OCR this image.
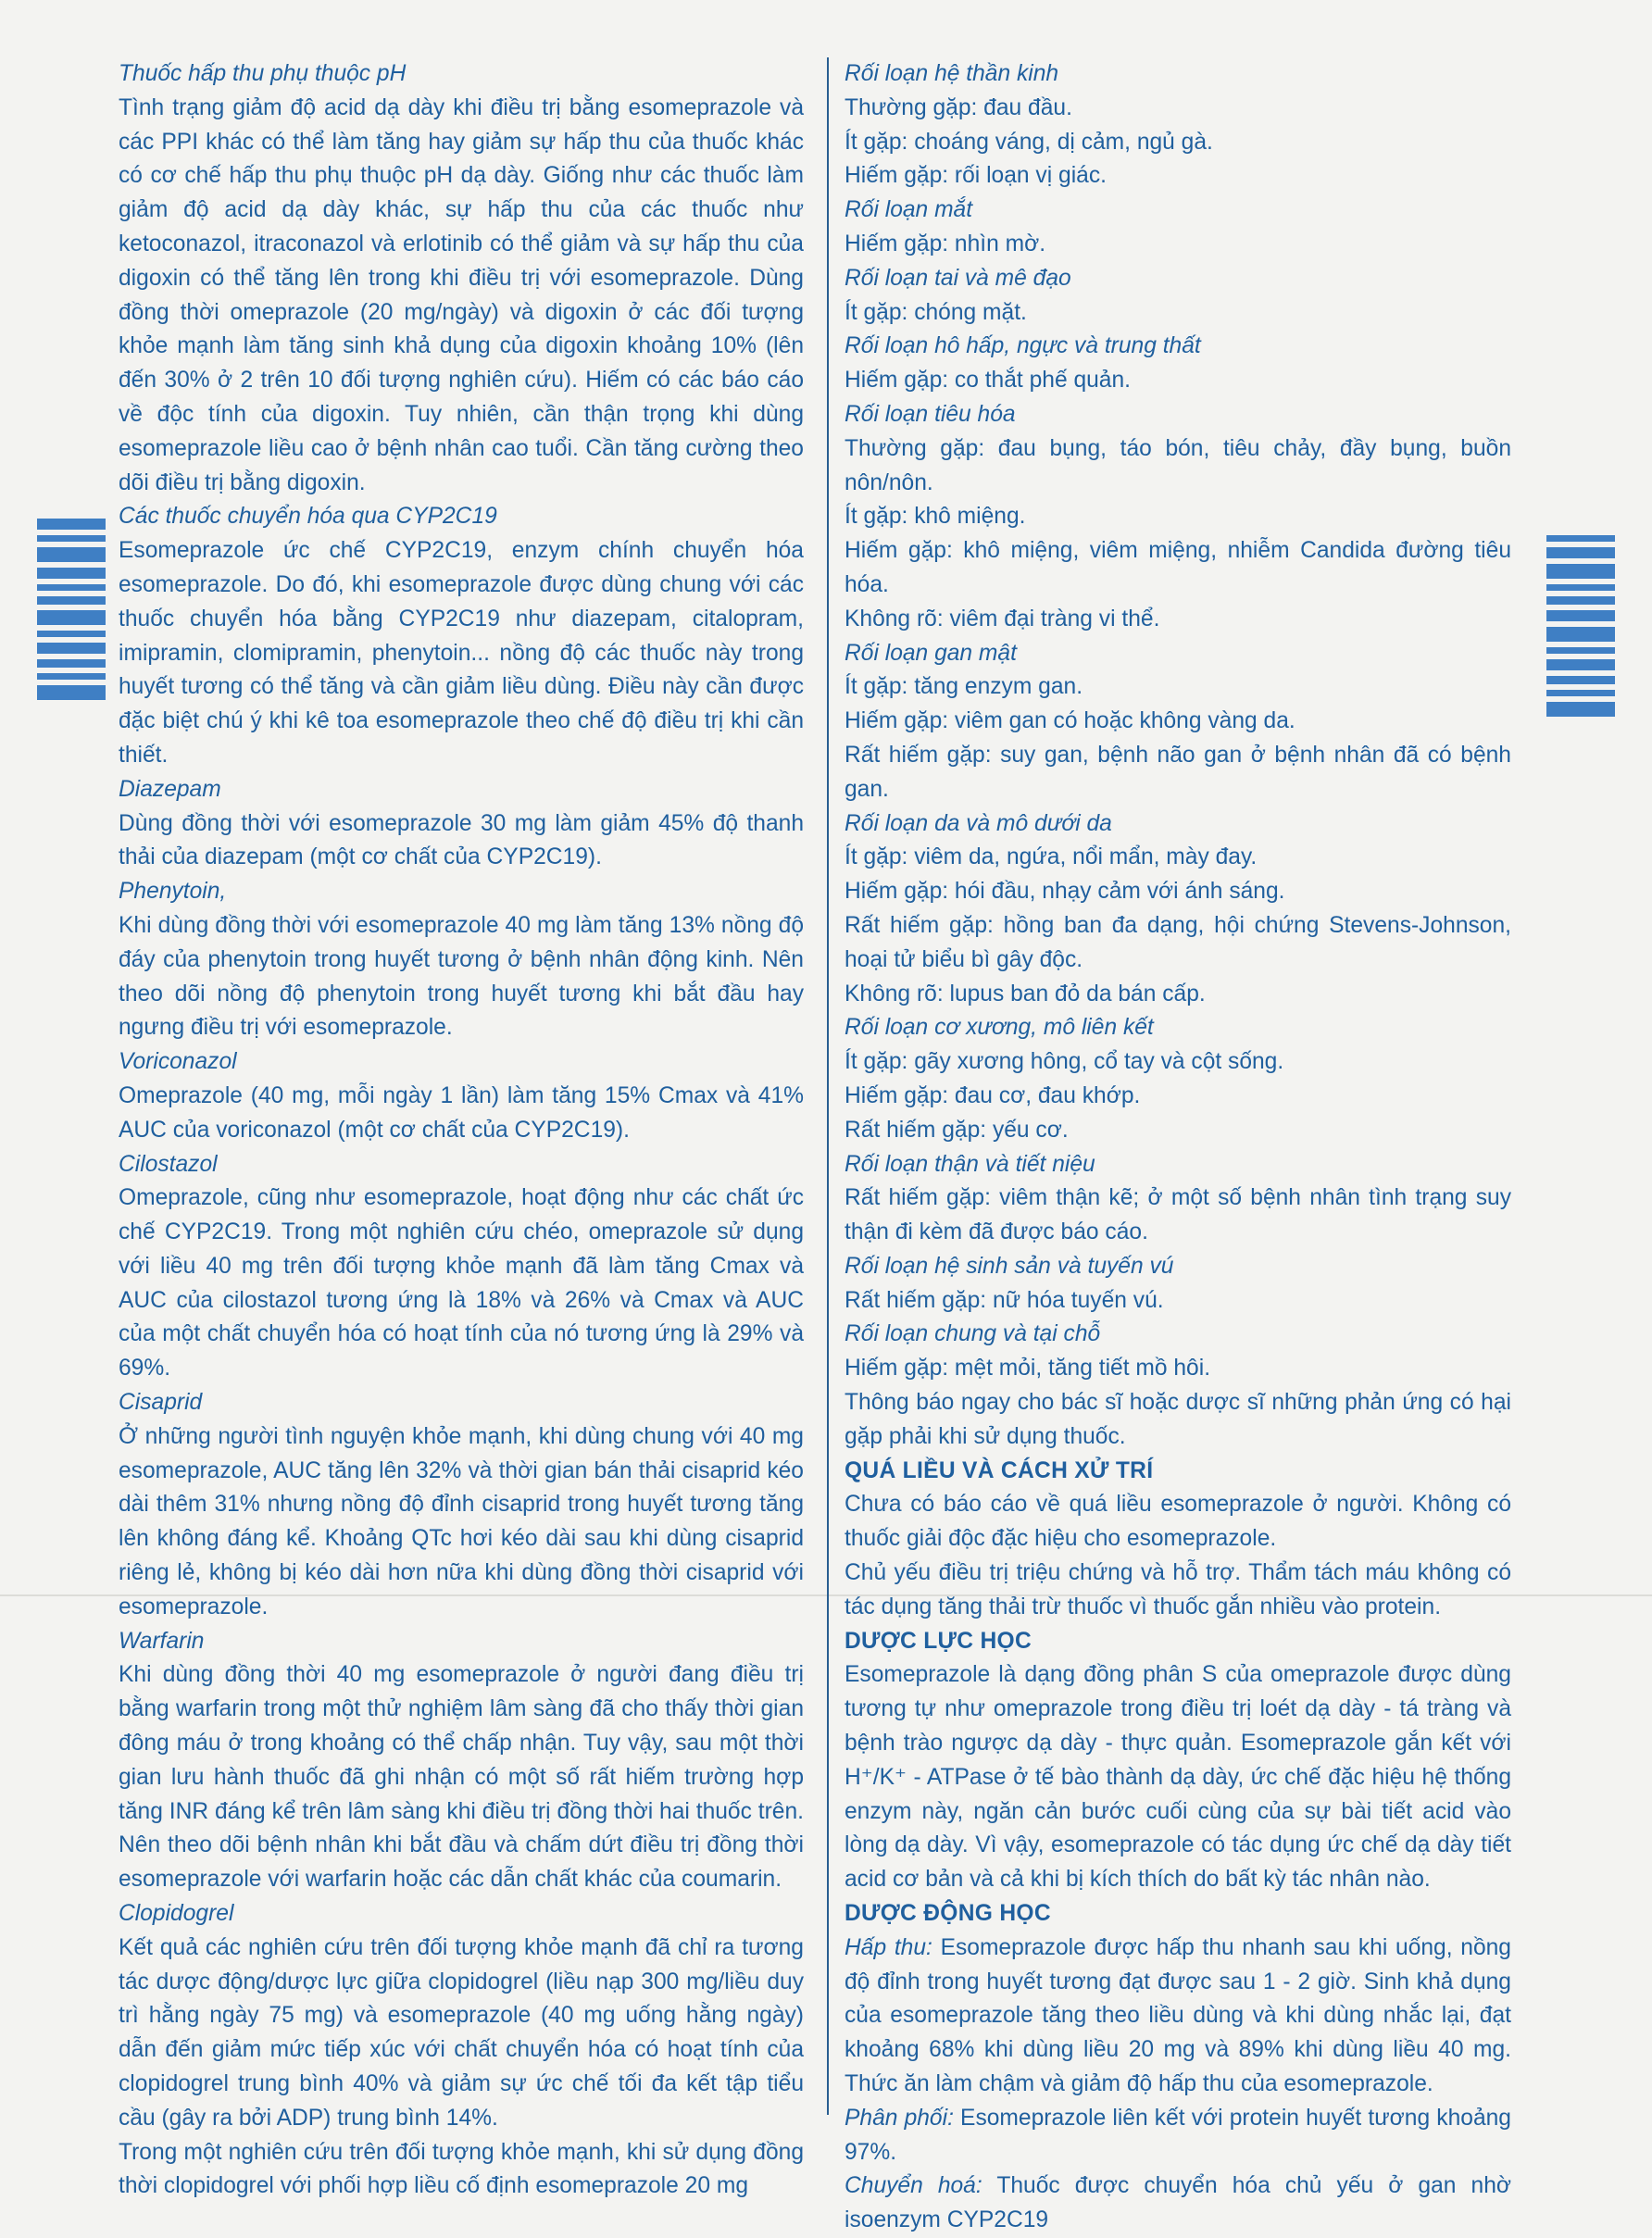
Thuốc hấp thu phụ thuộc pH

Tình trạng giảm độ acid dạ dày khi điều trị bằng esomeprazole và các PPI khác có thể làm tăng hay giảm sự hấp thu của thuốc khác có cơ chế hấp thu phụ thuộc pH dạ dày. Giống như các thuốc làm giảm độ acid dạ dày khác, sự hấp thu của các thuốc như ketoconazol, itraconazol và erlotinib có thể giảm và sự hấp thu của digoxin có thể tăng lên trong khi điều trị với esomeprazole. Dùng đồng thời omeprazole (20 mg/ngày) và digoxin ở các đối tượng khỏe mạnh làm tăng sinh khả dụng của digoxin khoảng 10% (lên đến 30% ở 2 trên 10 đối tượng nghiên cứu). Hiếm có các báo cáo về độc tính của digoxin. Tuy nhiên, cần thận trọng khi dùng esomeprazole liều cao ở bệnh nhân cao tuổi. Cần tăng cường theo dõi điều trị bằng digoxin.

Các thuốc chuyển hóa qua CYP2C19

Esomeprazole ức chế CYP2C19, enzym chính chuyển hóa esomeprazole. Do đó, khi esomeprazole được dùng chung với các thuốc chuyển hóa bằng CYP2C19 như diazepam, citalopram, imipramin, clomipramin, phenytoin... nồng độ các thuốc này trong huyết tương có thể tăng và cần giảm liều dùng. Điều này cần được đặc biệt chú ý khi kê toa esomeprazole theo chế độ điều trị khi cần thiết.

Diazepam

Dùng đồng thời với esomeprazole 30 mg làm giảm 45% độ thanh thải của diazepam (một cơ chất của CYP2C19).

Phenytoin,

Khi dùng đồng thời với esomeprazole 40 mg làm tăng 13% nồng độ đáy của phenytoin trong huyết tương ở bệnh nhân động kinh. Nên theo dõi nồng độ phenytoin trong huyết tương khi bắt đầu hay ngưng điều trị với esomeprazole.

Voriconazol

Omeprazole (40 mg, mỗi ngày 1 lần) làm tăng 15% Cmax và 41% AUC của voriconazol (một cơ chất của CYP2C19).

Cilostazol

Omeprazole, cũng như esomeprazole, hoạt động như các chất ức chế CYP2C19. Trong một nghiên cứu chéo, omeprazole sử dụng với liều 40 mg trên đối tượng khỏe mạnh đã làm tăng Cmax và AUC của cilostazol tương ứng là 18% và 26% và Cmax và AUC của một chất chuyển hóa có hoạt tính của nó tương ứng là 29% và 69%.

Cisaprid

Ở những người tình nguyện khỏe mạnh, khi dùng chung với 40 mg esomeprazole, AUC tăng lên 32% và thời gian bán thải cisaprid kéo dài thêm 31% nhưng nồng độ đỉnh cisaprid trong huyết tương tăng lên không đáng kể. Khoảng QTc hơi kéo dài sau khi dùng cisaprid riêng lẻ, không bị kéo dài hơn nữa khi dùng đồng thời cisaprid với esomeprazole.

Warfarin

Khi dùng đồng thời 40 mg esomeprazole ở người đang điều trị bằng warfarin trong một thử nghiệm lâm sàng đã cho thấy thời gian đông máu ở trong khoảng có thể chấp nhận. Tuy vậy, sau một thời gian lưu hành thuốc đã ghi nhận có một số rất hiếm trường hợp tăng INR đáng kể trên lâm sàng khi điều trị đồng thời hai thuốc trên. Nên theo dõi bệnh nhân khi bắt đầu và chấm dứt điều trị đồng thời esomeprazole với warfarin hoặc các dẫn chất khác của coumarin.

Clopidogrel

Kết quả các nghiên cứu trên đối tượng khỏe mạnh đã chỉ ra tương tác dược động/dược lực giữa clopidogrel (liều nạp 300 mg/liều duy trì hằng ngày 75 mg) và esomeprazole (40 mg uống hằng ngày) dẫn đến giảm mức tiếp xúc với chất chuyển hóa có hoạt tính của clopidogrel trung bình 40% và giảm sự ức chế tối đa kết tập tiểu cầu (gây ra bởi ADP) trung bình 14%.

Trong một nghiên cứu trên đối tượng khỏe mạnh, khi sử dụng đồng thời clopidogrel với phối hợp liều cố định esomeprazole 20 mg

Rối loạn hệ thần kinh

Thường gặp: đau đầu.

Ít gặp: choáng váng, dị cảm, ngủ gà.

Hiếm gặp: rối loạn vị giác.

Rối loạn mắt

Hiếm gặp: nhìn mờ.

Rối loạn tai và mê đạo

Ít gặp: chóng mặt.

Rối loạn hô hấp, ngực và trung thất

Hiếm gặp: co thắt phế quản.

Rối loạn tiêu hóa

Thường gặp: đau bụng, táo bón, tiêu chảy, đầy bụng, buồn nôn/nôn.

Ít gặp: khô miệng.

Hiếm gặp: khô miệng, viêm miệng, nhiễm Candida đường tiêu hóa.

Không rõ: viêm đại tràng vi thể.

Rối loạn gan mật

Ít gặp: tăng enzym gan.

Hiếm gặp: viêm gan có hoặc không vàng da.

Rất hiếm gặp: suy gan, bệnh não gan ở bệnh nhân đã có bệnh gan.

Rối loạn da và mô dưới da

Ít gặp: viêm da, ngứa, nổi mẩn, mày đay.

Hiếm gặp: hói đầu, nhạy cảm với ánh sáng.

Rất hiếm gặp: hồng ban đa dạng, hội chứng Stevens-Johnson, hoại tử biểu bì gây độc.

Không rõ: lupus ban đỏ da bán cấp.

Rối loạn cơ xương, mô liên kết

Ít gặp: gãy xương hông, cổ tay và cột sống.

Hiếm gặp: đau cơ, đau khớp.

Rất hiếm gặp: yếu cơ.

Rối loạn thận và tiết niệu

Rất hiếm gặp: viêm thận kẽ; ở một số bệnh nhân tình trạng suy thận đi kèm đã được báo cáo.

Rối loạn hệ sinh sản và tuyến vú

Rất hiếm gặp: nữ hóa tuyến vú.

Rối loạn chung và tại chỗ

Hiếm gặp: mệt mỏi, tăng tiết mồ hôi.

Thông báo ngay cho bác sĩ hoặc dược sĩ những phản ứng có hại gặp phải khi sử dụng thuốc.

QUÁ LIỀU VÀ CÁCH XỬ TRÍ

Chưa có báo cáo về quá liều esomeprazole ở người. Không có thuốc giải độc đặc hiệu cho esomeprazole.

Chủ yếu điều trị triệu chứng và hỗ trợ. Thẩm tách máu không có tác dụng tăng thải trừ thuốc vì thuốc gắn nhiều vào protein.

DƯỢC LỰC HỌC

Esomeprazole là dạng đồng phân S của omeprazole được dùng tương tự như omeprazole trong điều trị loét dạ dày - tá tràng và bệnh trào ngược dạ dày - thực quản. Esomeprazole gắn kết với H⁺/K⁺ - ATPase ở tế bào thành dạ dày, ức chế đặc hiệu hệ thống enzym này, ngăn cản bước cuối cùng của sự bài tiết acid vào lòng dạ dày. Vì vậy, esomeprazole có tác dụng ức chế dạ dày tiết acid cơ bản và cả khi bị kích thích do bất kỳ tác nhân nào.

DƯỢC ĐỘNG HỌC

Hấp thu: Esomeprazole được hấp thu nhanh sau khi uống, nồng độ đỉnh trong huyết tương đạt được sau 1 - 2 giờ. Sinh khả dụng của esomeprazole tăng theo liều dùng và khi dùng nhắc lại, đạt khoảng 68% khi dùng liều 20 mg và 89% khi dùng liều 40 mg. Thức ăn làm chậm và giảm độ hấp thu của esomeprazole.

Phân phối: Esomeprazole liên kết với protein huyết tương khoảng 97%.

Chuyển hoá: Thuốc được chuyển hóa chủ yếu ở gan nhờ isoenzym CYP2C19
